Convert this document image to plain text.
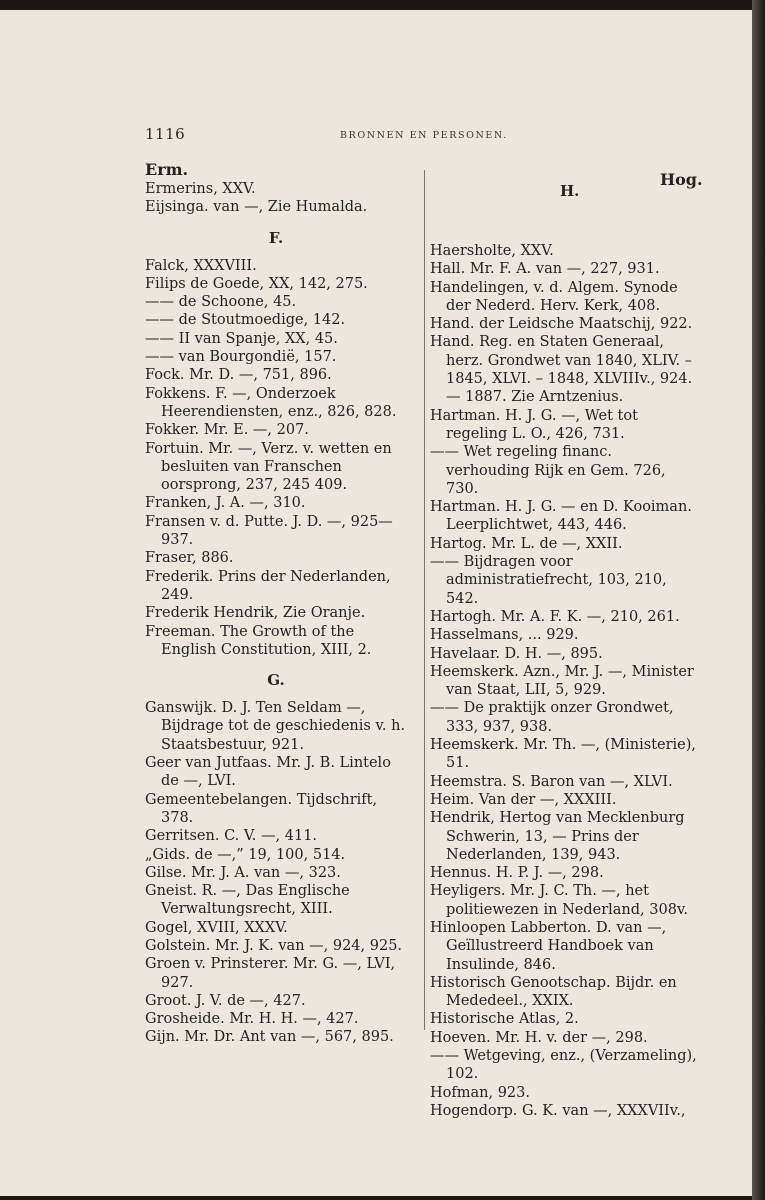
1116	BRONNEN EN PERSONEN.
Erm.
Ermerins, XXV.
Eijsinga. van —, Zie Humalda.
F.
Falck, XXXVIII.
Filips de Goede, XX, 142, 275.
—— de Schoone, 45.
—— de Stoutmoedige, 142.
—— II van Spanje, XX, 45.
—— van Bourgondië, 157.
Fock. Mr. D. —, 751, 896.
Fokkens. F. —, Onderzoek Heerendiensten, enz., 826, 828.
Fokker. Mr. E. —, 207.
Fortuin. Mr. —, Verz. v. wetten en besluiten van Franschen oorsprong, 237, 245 409.
Franken, J. A. —, 310.
Fransen v. d. Putte. J. D. —, 925—937.
Fraser, 886.
Frederik. Prins der Nederlanden, 249.
Frederik Hendrik, Zie Oranje.
Freeman. The Growth of the English Constitution, XIII, 2.
G.
Ganswijk. D. J. Ten Seldam —, Bijdrage tot de geschiedenis v. h. Staatsbestuur, 921.
Geer van Jutfaas. Mr. J. B. Lintelo de —, LVI.
Gemeentebelangen. Tijdschrift, 378.
Gerritsen. C. V. —, 411.
„Gids. de —,” 19, 100, 514.
Gilse. Mr. J. A. van —, 323.
Gneist. R. —, Das Englische Verwaltungsrecht, XIII.
Gogel, XVIII, XXXV.
Golstein. Mr. J. K. van —, 924, 925.
Groen v. Prinsterer. Mr. G. —, LVI, 927.
Groot. J. V. de —, 427.
Grosheide. Mr. H. H. —, 427.
Gijn. Mr. Dr. Ant van —, 567, 895.
Hog.
H.
Haersholte, XXV.
Hall. Mr. F. A. van —, 227, 931.
Handelingen, v. d. Algem. Synode der Nederd. Herv. Kerk, 408.
Hand. der Leidsche Maatschij, 922.
Hand. Reg. en Staten Generaal, herz. Grondwet van 1840, XLIV. – 1845, XLVI. – 1848, XLVIIIv., 924. — 1887. Zie Arntzenius.
Hartman. H. J. G. —, Wet tot regeling L. O., 426, 731.
—— Wet regeling financ. verhouding Rijk en Gem. 726, 730.
Hartman. H. J. G. — en D. Kooiman. Leerplichtwet, 443, 446.
Hartog. Mr. L. de —, XXII.
—— Bijdragen voor administratiefrecht, 103, 210, 542.
Hartogh. Mr. A. F. K. —, 210, 261.
Hasselmans, ... 929.
Havelaar. D. H. —, 895.
Heemskerk. Azn., Mr. J. —, Minister van Staat, LII, 5, 929.
—— De praktijk onzer Grondwet, 333, 937, 938.
Heemskerk. Mr. Th. —, (Ministerie), 51.
Heemstra. S. Baron van —, XLVI.
Heim. Van der —, XXXIII.
Hendrik, Hertog van Mecklenburg Schwerin, 13, — Prins der Nederlanden, 139, 943.
Hennus. H. P. J. —, 298.
Heyligers. Mr. J. C. Th. —, het politiewezen in Nederland, 308v.
Hinloopen Labberton. D. van —, Geïllustreerd Handboek van Insulinde, 846.
Historisch Genootschap. Bijdr. en Mededeel., XXIX.
Historische Atlas, 2.
Hoeven. Mr. H. v. der —, 298.
—— Wetgeving, enz., (Verzameling), 102.
Hofman, 923.
Hogendorp. G. K. van —, XXXVIIv.,
